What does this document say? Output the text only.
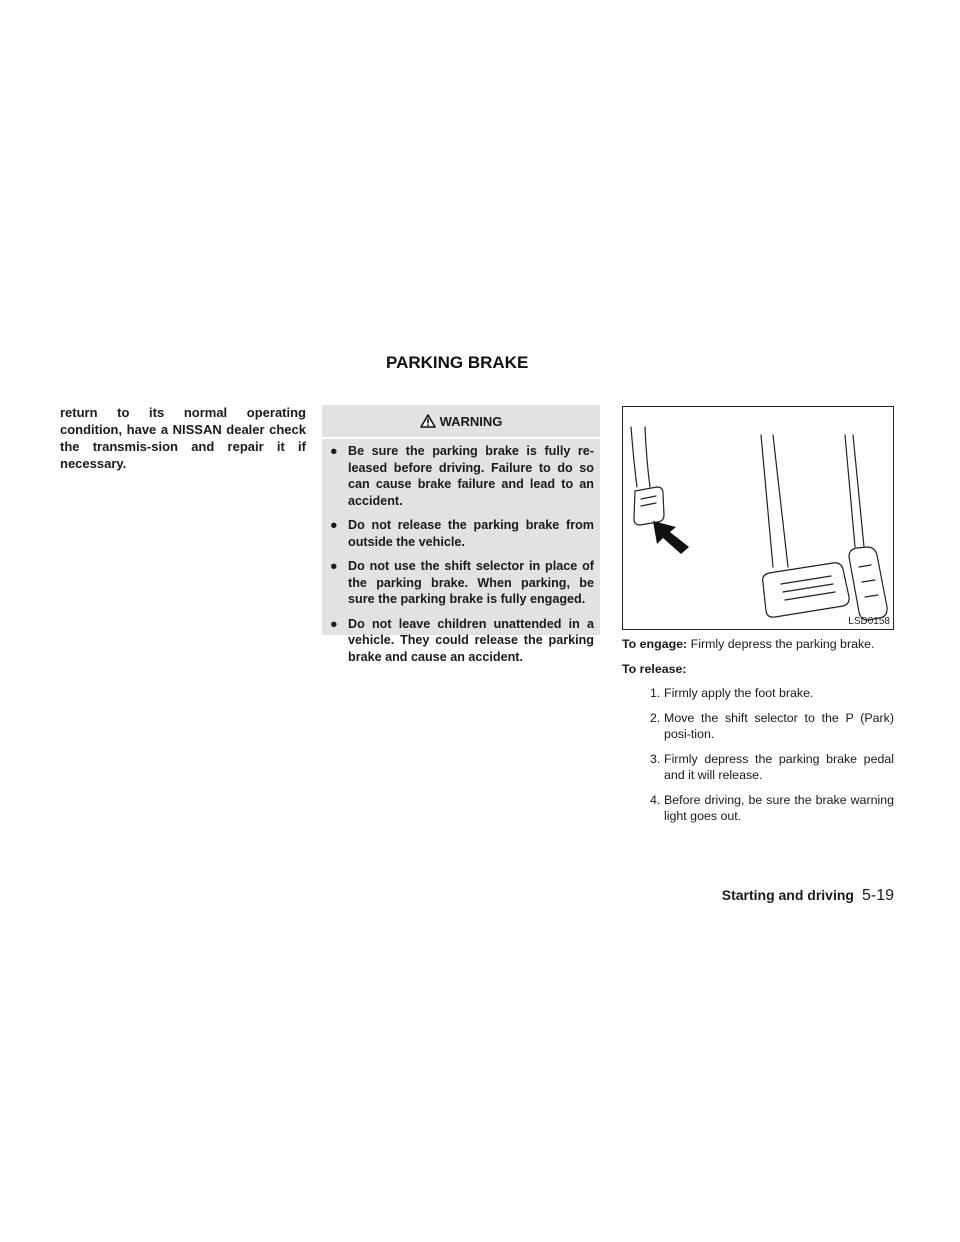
PARKING BRAKE
return to its normal operating condition, have a NISSAN dealer check the transmis-sion and repair it if necessary.
WARNING
● Be sure the parking brake is fully re-leased before driving. Failure to do so can cause brake failure and lead to an accident.
● Do not release the parking brake from outside the vehicle.
● Do not use the shift selector in place of the parking brake. When parking, be sure the parking brake is fully engaged.
● Do not leave children unattended in a vehicle. They could release the parking brake and cause an accident.
LSD0158

To engage: Firmly depress the parking brake.

To release:

1. Firmly apply the foot brake.
2. Move the shift selector to the P (Park) posi-tion.
3. Firmly depress the parking brake pedal and it will release.
4. Before driving, be sure the brake warning light goes out.
Starting and driving 5-19
